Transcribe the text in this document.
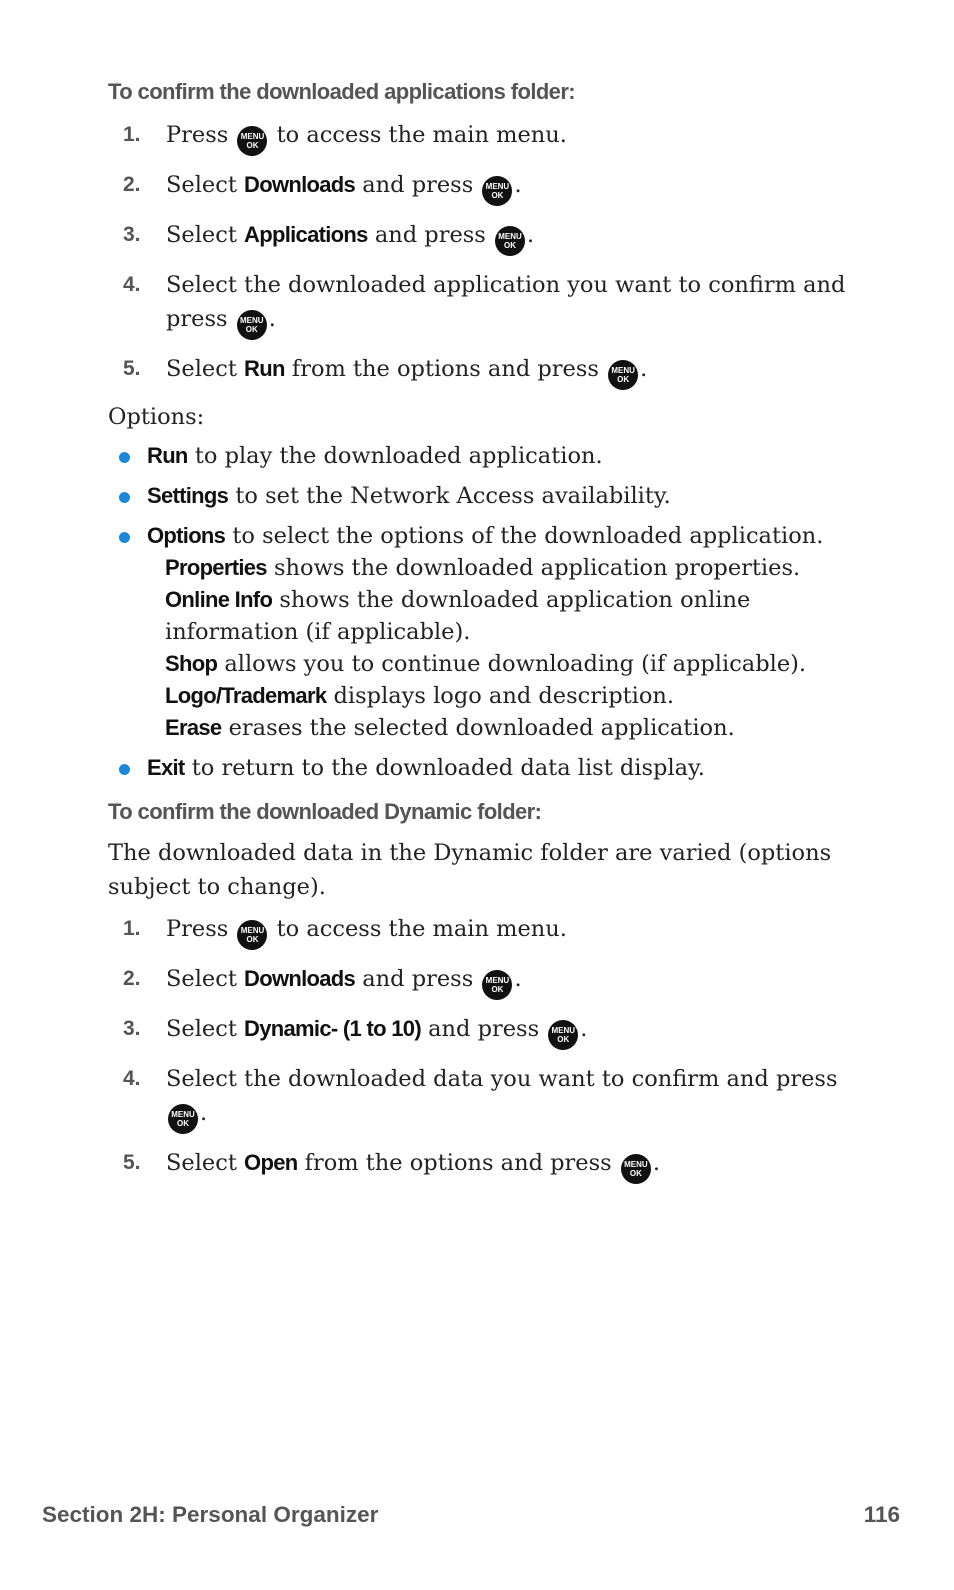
To confirm the downloaded applications folder:
1. Press	MENU
OK to access the main menu.
2. Select Downloads and press	MENU
OK .
3. Select Applications and press	MENU
OK .
4. Select the downloaded application you want to confirm and press	MENU
OK .
5. Select Run from the options and press	MENU
OK .

Options:

Run to play the downloaded application.
Settings to set the Network Access availability.
Options to select the options of the downloaded application.
Properties shows the downloaded application properties.
Online Info shows the downloaded application online information (if applicable).
Shop allows you to continue downloading (if applicable).
Logo/Trademark displays logo and description.
Erase erases the selected downloaded application.
Exit to return to the downloaded data list display.
To confirm the downloaded Dynamic folder:

The downloaded data in the Dynamic folder are varied (options subject to change).

1. Press	MENU
OK to access the main menu.
2. Select Downloads and press	MENU
OK .
3. Select Dynamic- (1 to 10) and press	MENU
OK .
4. Select the downloaded data you want to confirm and press
MENU
OK .
5. Select Open from the options and press	MENU
OK .
Section 2H: Personal Organizer	116
